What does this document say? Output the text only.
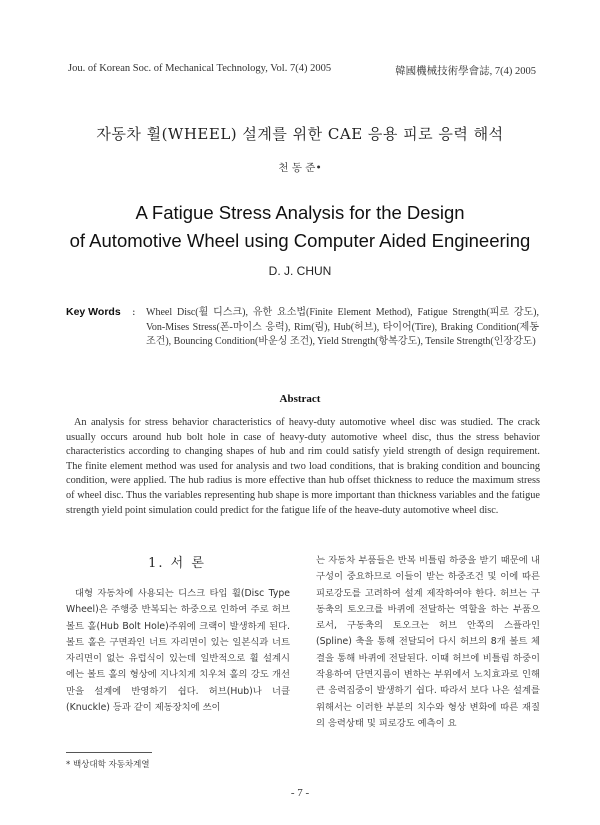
Jou. of Korean Soc. of Mechanical Technology, Vol. 7(4) 2005	韓國機械技術學會誌, 7(4) 2005
자동차 휠(WHEEL) 설계를 위한 CAE 응용 피로 응력 해석
천 동 준•
A Fatigue Stress Analysis for the Design
of Automotive Wheel using Computer Aided Engineering
D. J. CHUN
Key Words : Wheel Disc(휠 디스크), 유한 요소법(Finite Element Method), Fatigue Strength(피로 강도), Von-Mises Stress(폰-마이스 응력), Rim(림), Hub(허브), 타이어(Tire), Braking Condition(제동조건), Bouncing Condition(바운싱 조건), Yield Strength(항복강도), Tensile Strength(인장강도)
Abstract
An analysis for stress behavior characteristics of heavy-duty automotive wheel disc was studied. The crack usually occurs around hub bolt hole in case of heavy-duty automotive wheel disc, thus the stress behavior characteristics according to changing shapes of hub and rim could satisfy yield strength of design requirement. The finite element method was used for analysis and two load conditions, that is braking condition and bouncing condition, were applied. The hub radius is more effective than hub offset thickness to reduce the maximum stress of wheel disc. Thus the variables representing hub shape is more important than thickness variables and the fatigue strength yield point simulation could predict for the fatigue life of the heave-duty automotive wheel disc.
1. 서 론

대형 자동차에 사용되는 디스크 타입 휠(Disc Type Wheel)은 주행중 반복되는 하중으로 인하여 주로 허브 볼트 홀(Hub Bolt Hole)주위에 크랙이 발생하게 된다. 볼트 홀은 구면좌인 너트 자리면이 있는 일본식과 너트 자리면이 없는 유럽식이 있는데 일반적으로 휠 설계시에는 볼트 홀의 형상에 지나치게 치우쳐 홀의 강도 개선만을 설계에 반영하기 쉽다. 허브(Hub)나 너클(Knuckle) 등과 같이 제동장치에 쓰이

는 자동차 부품들은 반복 비틀림 하중을 받기 때문에 내구성이 중요하므로 이들이 받는 하중조건 및 이에 따른 피로강도를 고려하여 설계 제작하여야 한다. 허브는 구동축의 토오크를 바퀴에 전달하는 역할을 하는 부품으로서, 구동축의 토오크는 허브 안쪽의 스플라인(Spline) 축을 통해 전달되어 다시 허브의 8개 볼트 체결을 통해 바퀴에 전달된다. 이때 허브에 비틀림 하중이 작용하여 단면지름이 변하는 부위에서 노치효과로 인해 큰 응력집중이 발생하기 쉽다. 따라서 보다 나은 설계를 위해서는 이러한 부분의 치수와 형상 변화에 따른 재질의 응력상태 및 피로강도 예측이 요

* 백상대학 자동차계열
- 7 -
